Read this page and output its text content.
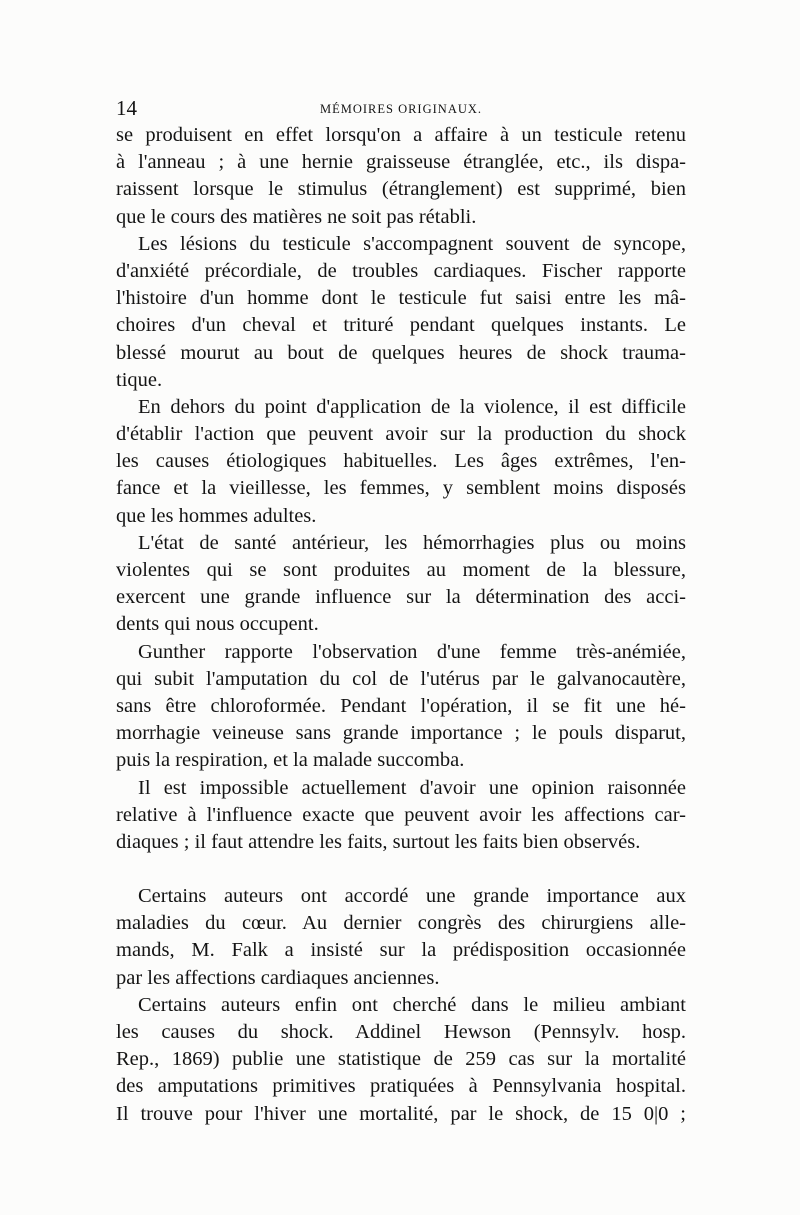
14	MÉMOIRES ORIGINAUX.
se produisent en effet lorsqu'on a affaire à un testicule retenu
à l'anneau ; à une hernie graisseuse étranglée, etc., ils dispa-
raissent lorsque le stimulus (étranglement) est supprimé, bien
que le cours des matières ne soit pas rétabli.
Les lésions du testicule s'accompagnent souvent de syncope,
d'anxiété précordiale, de troubles cardiaques. Fischer rapporte
l'histoire d'un homme dont le testicule fut saisi entre les mâ-
choires d'un cheval et trituré pendant quelques instants. Le
blessé mourut au bout de quelques heures de shock trauma-
tique.
En dehors du point d'application de la violence, il est difficile
d'établir l'action que peuvent avoir sur la production du shock
les causes étiologiques habituelles. Les âges extrêmes, l'en-
fance et la vieillesse, les femmes, y semblent moins disposés
que les hommes adultes.
L'état de santé antérieur, les hémorrhagies plus ou moins
violentes qui se sont produites au moment de la blessure,
exercent une grande influence sur la détermination des acci-
dents qui nous occupent.
Gunther rapporte l'observation d'une femme très-anémiée,
qui subit l'amputation du col de l'utérus par le galvanocautère,
sans être chloroformée. Pendant l'opération, il se fit une hé-
morrhagie veineuse sans grande importance ; le pouls disparut,
puis la respiration, et la malade succomba.
Il est impossible actuellement d'avoir une opinion raisonnée
relative à l'influence exacte que peuvent avoir les affections car-
diaques ; il faut attendre les faits, surtout les faits bien observés.
Certains auteurs ont accordé une grande importance aux
maladies du cœur. Au dernier congrès des chirurgiens alle-
mands, M. Falk a insisté sur la prédisposition occasionnée
par les affections cardiaques anciennes.
Certains auteurs enfin ont cherché dans le milieu ambiant
les causes du shock. Addinel Hewson (Pennsylv. hosp.
Rep., 1869) publie une statistique de 259 cas sur la mortalité
des amputations primitives pratiquées à Pennsylvania hospital.
Il trouve pour l'hiver une mortalité, par le shock, de 15 0|0 ;
